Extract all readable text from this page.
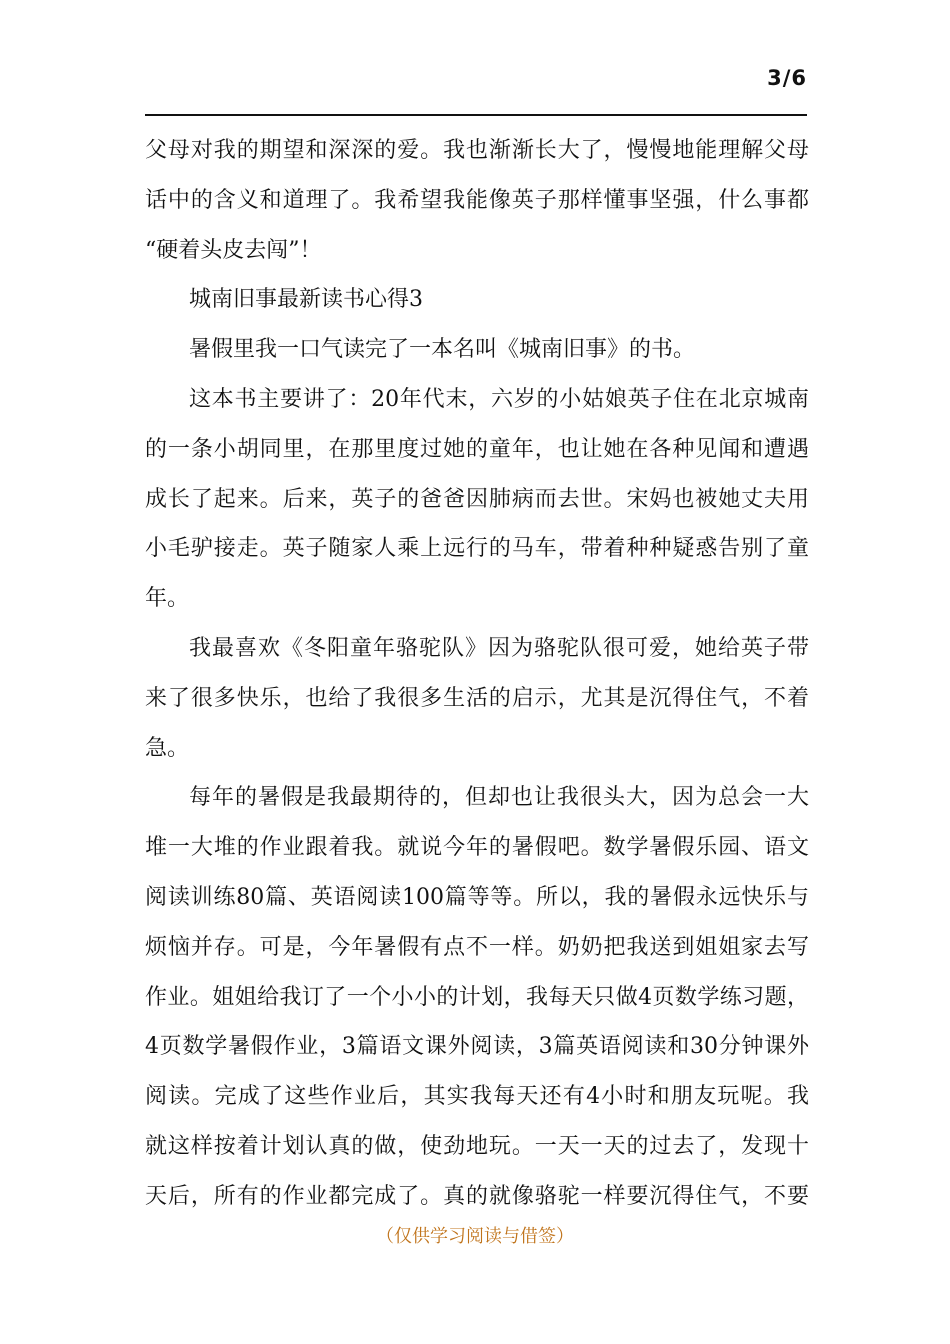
3/6
父母对我的期望和深深的爱。我也渐渐长大了，慢慢地能理解父母
话中的含义和道理了。我希望我能像英子那样懂事坚强，什么事都
“硬着头皮去闯”！
城南旧事最新读书心得3
暑假里我一口气读完了一本名叫《城南旧事》的书。
这本书主要讲了：20年代末，六岁的小姑娘英子住在北京城南
的一条小胡同里，在那里度过她的童年，也让她在各种见闻和遭遇
成长了起来。后来，英子的爸爸因肺病而去世。宋妈也被她丈夫用
小毛驴接走。英子随家人乘上远行的马车，带着种种疑惑告别了童
年。
我最喜欢《冬阳童年骆驼队》因为骆驼队很可爱，她给英子带
来了很多快乐，也给了我很多生活的启示，尤其是沉得住气，不着
急。
每年的暑假是我最期待的，但却也让我很头大，因为总会一大
堆一大堆的作业跟着我。就说今年的暑假吧。数学暑假乐园、语文
阅读训练80篇、英语阅读100篇等等。所以，我的暑假永远快乐与
烦恼并存。可是，今年暑假有点不一样。奶奶把我送到姐姐家去写
作业。姐姐给我订了一个小小的计划，我每天只做4页数学练习题，
4页数学暑假作业，3篇语文课外阅读，3篇英语阅读和30分钟课外
阅读。完成了这些作业后，其实我每天还有4小时和朋友玩呢。我
就这样按着计划认真的做，使劲地玩。一天一天的过去了，发现十
天后，所有的作业都完成了。真的就像骆驼一样要沉得住气，不要
（仅供学习阅读与借签）
